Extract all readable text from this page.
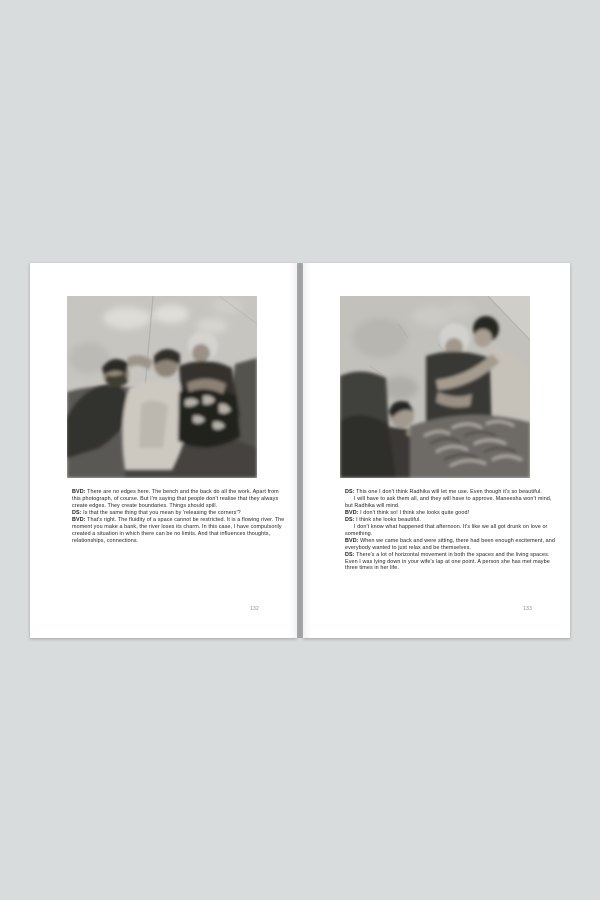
BVD: There are no edges here. The bench and the back do all the work. Apart from this photograph, of course. But I'm saying that people don't realise that they always create edges. They create boundaries. Things should spill.

DS: Is that the same thing that you mean by 'releasing the corners'?

BVD: That's right. The fluidity of a space cannot be restricted. It is a flowing river. The moment you make a bank, the river loses its charm. In this case, I have compulsorily created a situation in which there can be no limits. And that influences thoughts, relationships, connections.

132

DS: This one I don't think Radhika will let me use. Even though it's so beautiful.

I will have to ask them all, and they will have to approve. Maneesha won't mind, but Radhika will mind.

BVD: I don't think so! I think she looks quite good!

DS: I think she looks beautiful.

I don't know what happened that afternoon. It's like we all got drunk on love or something.

BVD: When we came back and were sitting, there had been enough excitement, and everybody wanted to just relax and be themselves.

DS: There's a lot of horizontal movement in both the spaces and the living spaces. Even I was lying down in your wife's lap at one point. A person she has met maybe three times in her life.

133
